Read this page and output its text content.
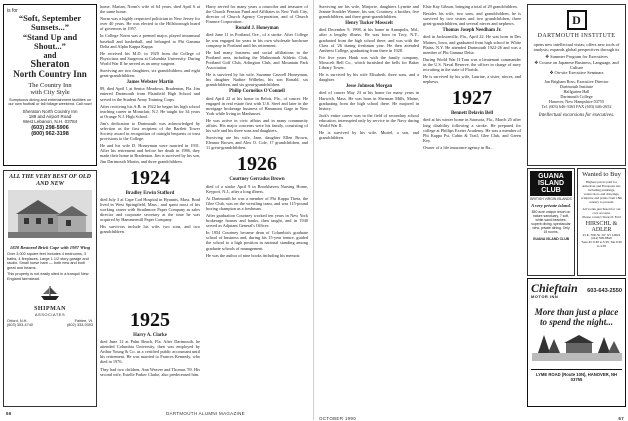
is for
“Soft, September Sunsets...”
“Stand Up and Shout...”
and
Sheraton
North Country Inn
The Country Inn
with City Style
Sumptuous dining and entertainment facilities on our own football or fall foliage weekend. Call now!
Sheraton North Country Inn
189 and Airport Road
West Lebanon, N.H. 03784
(603) 298-5906
(800) 962-3198
ALL THE VERY BEST OF OLD AND NEW
1820 Restored Brick Cape with 1987 Wing
Over 3,000 square feet includes 4 bedrooms, 3 baths, 4 fireplaces. Large 1 1/2 story garage and studio. Small horse barn — both new and built great and beams.
This property is not easily sited in a tranquil New England farmstead.
SHIPMAN
ASSOCIATES
Orford, N.H.	Fairlee, Vt.
(603) 353-4740	(802) 333-9393

home. Marian, Norm's wife of 64 years, died April 6 at the same home.

Norm was a highly respected politician in New Jersey for over 40 years. He was elected to the Hillsborough board of governors in 1957.

In College Norm was a premed major, played intramural baseball and basketball, and belonged to Phi Gamma Delta and Alpha Kappa Kappa.

He received his M.D. in 1929 from the College of Physicians and Surgeons at Columbia University. During World War II he served as an army surgeon.

Surviving are two daughters, six grandchildren, and eight great-grandchildren.

James Webster Martin

89, died April 1 at Senior Meadows, Bradenton, Fla. Jim entered Dartmouth from Plainfield High School and served in the Student Army Training Corps.

After receiving his A.B. in 1922 he began his high school teaching career in Montclair, N.J. He taught for 34 years at Orange N.J. High School.

Jim's dedication to Dartmouth was acknowledged by selection as the first recipient of the Bartlett Tower Society award in recognition of outright bequests or trust provisions to the College.

He and his wife D. Honeyman were married in 1931. After his retirement and before her death in 1986, they made their home in Bradenton. Jim is survived by his son, Jim Dartmouth Martin, and three grandchildren.

1924
Bradley Erwin Stafford

died July 3 at Cape Cod Hospital in Hyannis, Mass. Brad lived in West Springfield, Mass., and spent most of his working career with Strathmore Paper Company as sales director and corporate secretary at the time he was acquired by Hammermill Paper Company.

His survivors include his wife, two sons, and two grandchildren.

1925
Harry A. Clarke

died June 12 at Palm Beach, Fla. After Dartmouth, he attended Columbia University, then was employed by Arthur Young & Co. as a certified public accountant until his retirement. He was married to Frances Kennedy, who died in 1976.

They had two children, Ann Weaver and Thomas '59. His second wife, Estelle Parker Clarke, also predeceased him.

Harry served for many years a councilor and treasurer of the Church Pension Fund and Affiliates in New York City, director of Church Agency Corporation, and of Church Finance Corporation.

Ronald J. Honeyman

died June 11 in Portland, Ore., of a stroke. After College he was engaged for years in his own wholesale hardware company in Portland until his retirement.

He had many business and social affiliations in the Portland area, including the Multnomah Athletic Club, Portland Golf Club, Arlington Club, and Mountain Park Association.

He is survived by his wife, Suzanne Caswell Honeyman, his daughter Nadine Wilhelm, his son Ronald, six grandchildren, and six great-grandchildren.

Philip Cornelius O'Connell

died April 22 at his home in Beloit, Fla., of cancer. He engaged in real estate first with U.S. Steel and later in the mortgage brokerage business of Hammons Gage in New York while living in Manhasset.

He was active in civic affairs and in many community affairs. His major concerns were his family, consisting of his wife and his three sons and daughters.

Surviving are his wife, Jane, daughter Ellen Brown, Eleanor Brown, and Alex O. Cole, 17 grandchildren, and 11 great-grandchildren.

1926
Courtney Gerradus Brown

died of a stroke April 9 in Brookhaven Nursing Home, Keyport, N.J., after a long illness.

At Dartmouth he was a member of Phi Kappa Theta, the Glee Club, was on the wrestling team, and was 115-pound boxing champion as a freshman.

After graduation Courtney worked ten years in New York brokerage houses and banks, then taught, and in 1940 served as Adjutant General's Officer.

In 1954 Courtney became dean of Columbia's graduate school of business and, during his 15-year tenure, guided the school to a high position in national standing among graduate schools of management.

He was the author of nine books including his memoir.

66	DARTMOUTH ALUMNI MAGAZINE

Surviving are his wife, Marjorie, daughters Lynette and Jeanne Scudder Warner, his son, Courtney, a brother, five grandchildren, and three great-grandchildren.

Henry Tucker Mosscelt

died December 9, 1998, at his home in Annapolis, Md., after a lengthy illness. He was born in Troy, N.Y., graduated from the high school there, and was with the Class of '26 during freshman year. He then attended Amherst College, graduating from there in 1928.

For five years Hank was with the family company, Mosscelt Bell Co., which furnished the bells for Baker Library Tower.

He is survived by his wife Elisabeth, three sons, and a daughter.

Jesse Johnson Morgan

died of cancer May 23 at his home for many years in Harwich, Mass. He was born in Sherman Mills, Maine, graduating from the high school there. He majored in history.

Jack's entire career was in the field of secondary school education, interrupted only by service in the Navy during World War II.

He is survived by his wife, Muriel, a son, and grandchildren.

Elsie Kay Gibson, bringing a total of 29 grandchildren.

Besides his wife, two sons, and grandchildren, he is survived by two sisters and two grandchildren, three great-grandchildren, and several nieces and nephews.

Thomas Joseph Needham Jr.

died in Jacksonville, Fla., April 22. He was born in Des Moines, Iowa, and graduated from high school in White Plains, N.Y. He attended Dartmouth 1922-26 and was a member of Phi Gamma Delta.

During World War II Tom was a lieutenant commander in the U.S. Naval Reserve, the officer in charge of navy recruiting in the state of Florida.

He is survived by his wife, Laurine, a sister, nieces, and nephews.

1927
Bennett Delavin Bell

died at his winter home in Sarasota, Fla., March 25 after long disability following a stroke. He prepared for college at Phillips Exeter Academy. He was a member of Phi Kappa Psi, Cabin & Trail, Glee Club, and Green Key.

Owner of a life insurance agency in Ra...

D
DARTMOUTH INSTITUTE
opens new intellectual vistas; offers new tools of analysis; expands global perspectives through its
❖ Summer Program for Executives
❖ Course on Japanese Business, Language, and Culture
❖ On-site Executive Seminars
Jan Brigham Ross, Executive Director
Dartmouth Institute
Hallgarten Hall
Dartmouth College
Hanover, New Hampshire 03755
Tel. (603) 646-3363 FAX (603) 646-2652
Intellectual excursions for executives.
GUANA
ISLAND
CLUB
BRITISH VIRGIN ISLANDS
A very private island.
850 acre unique resort on nature sanctuary, 7 soft, white sand beaches, superb diving, spectacular view, private dining. Only 15 rooms.
GUANA ISLAND CLUB
Wanted to Buy
Highest prices paid for American and European Art, including paintings, watercolors and drawings, sculpture and prints from 18th century to present.
All works purchased for our own account.
Please contact Stuart P. Feld
HIRSCHL & ADLER
21 E. 70th St. NY, NY 10021 (212) 535-8810
Tues-Fri 9:30 to 5:15, Sat 9:30 to 4:45
Chieftain
MOTOR INN
603-643-2550
More than just a place
to spend the night...
LYME ROAD (Route 10N), HANOVER, NH 03755
OCTOBER 1990	67
